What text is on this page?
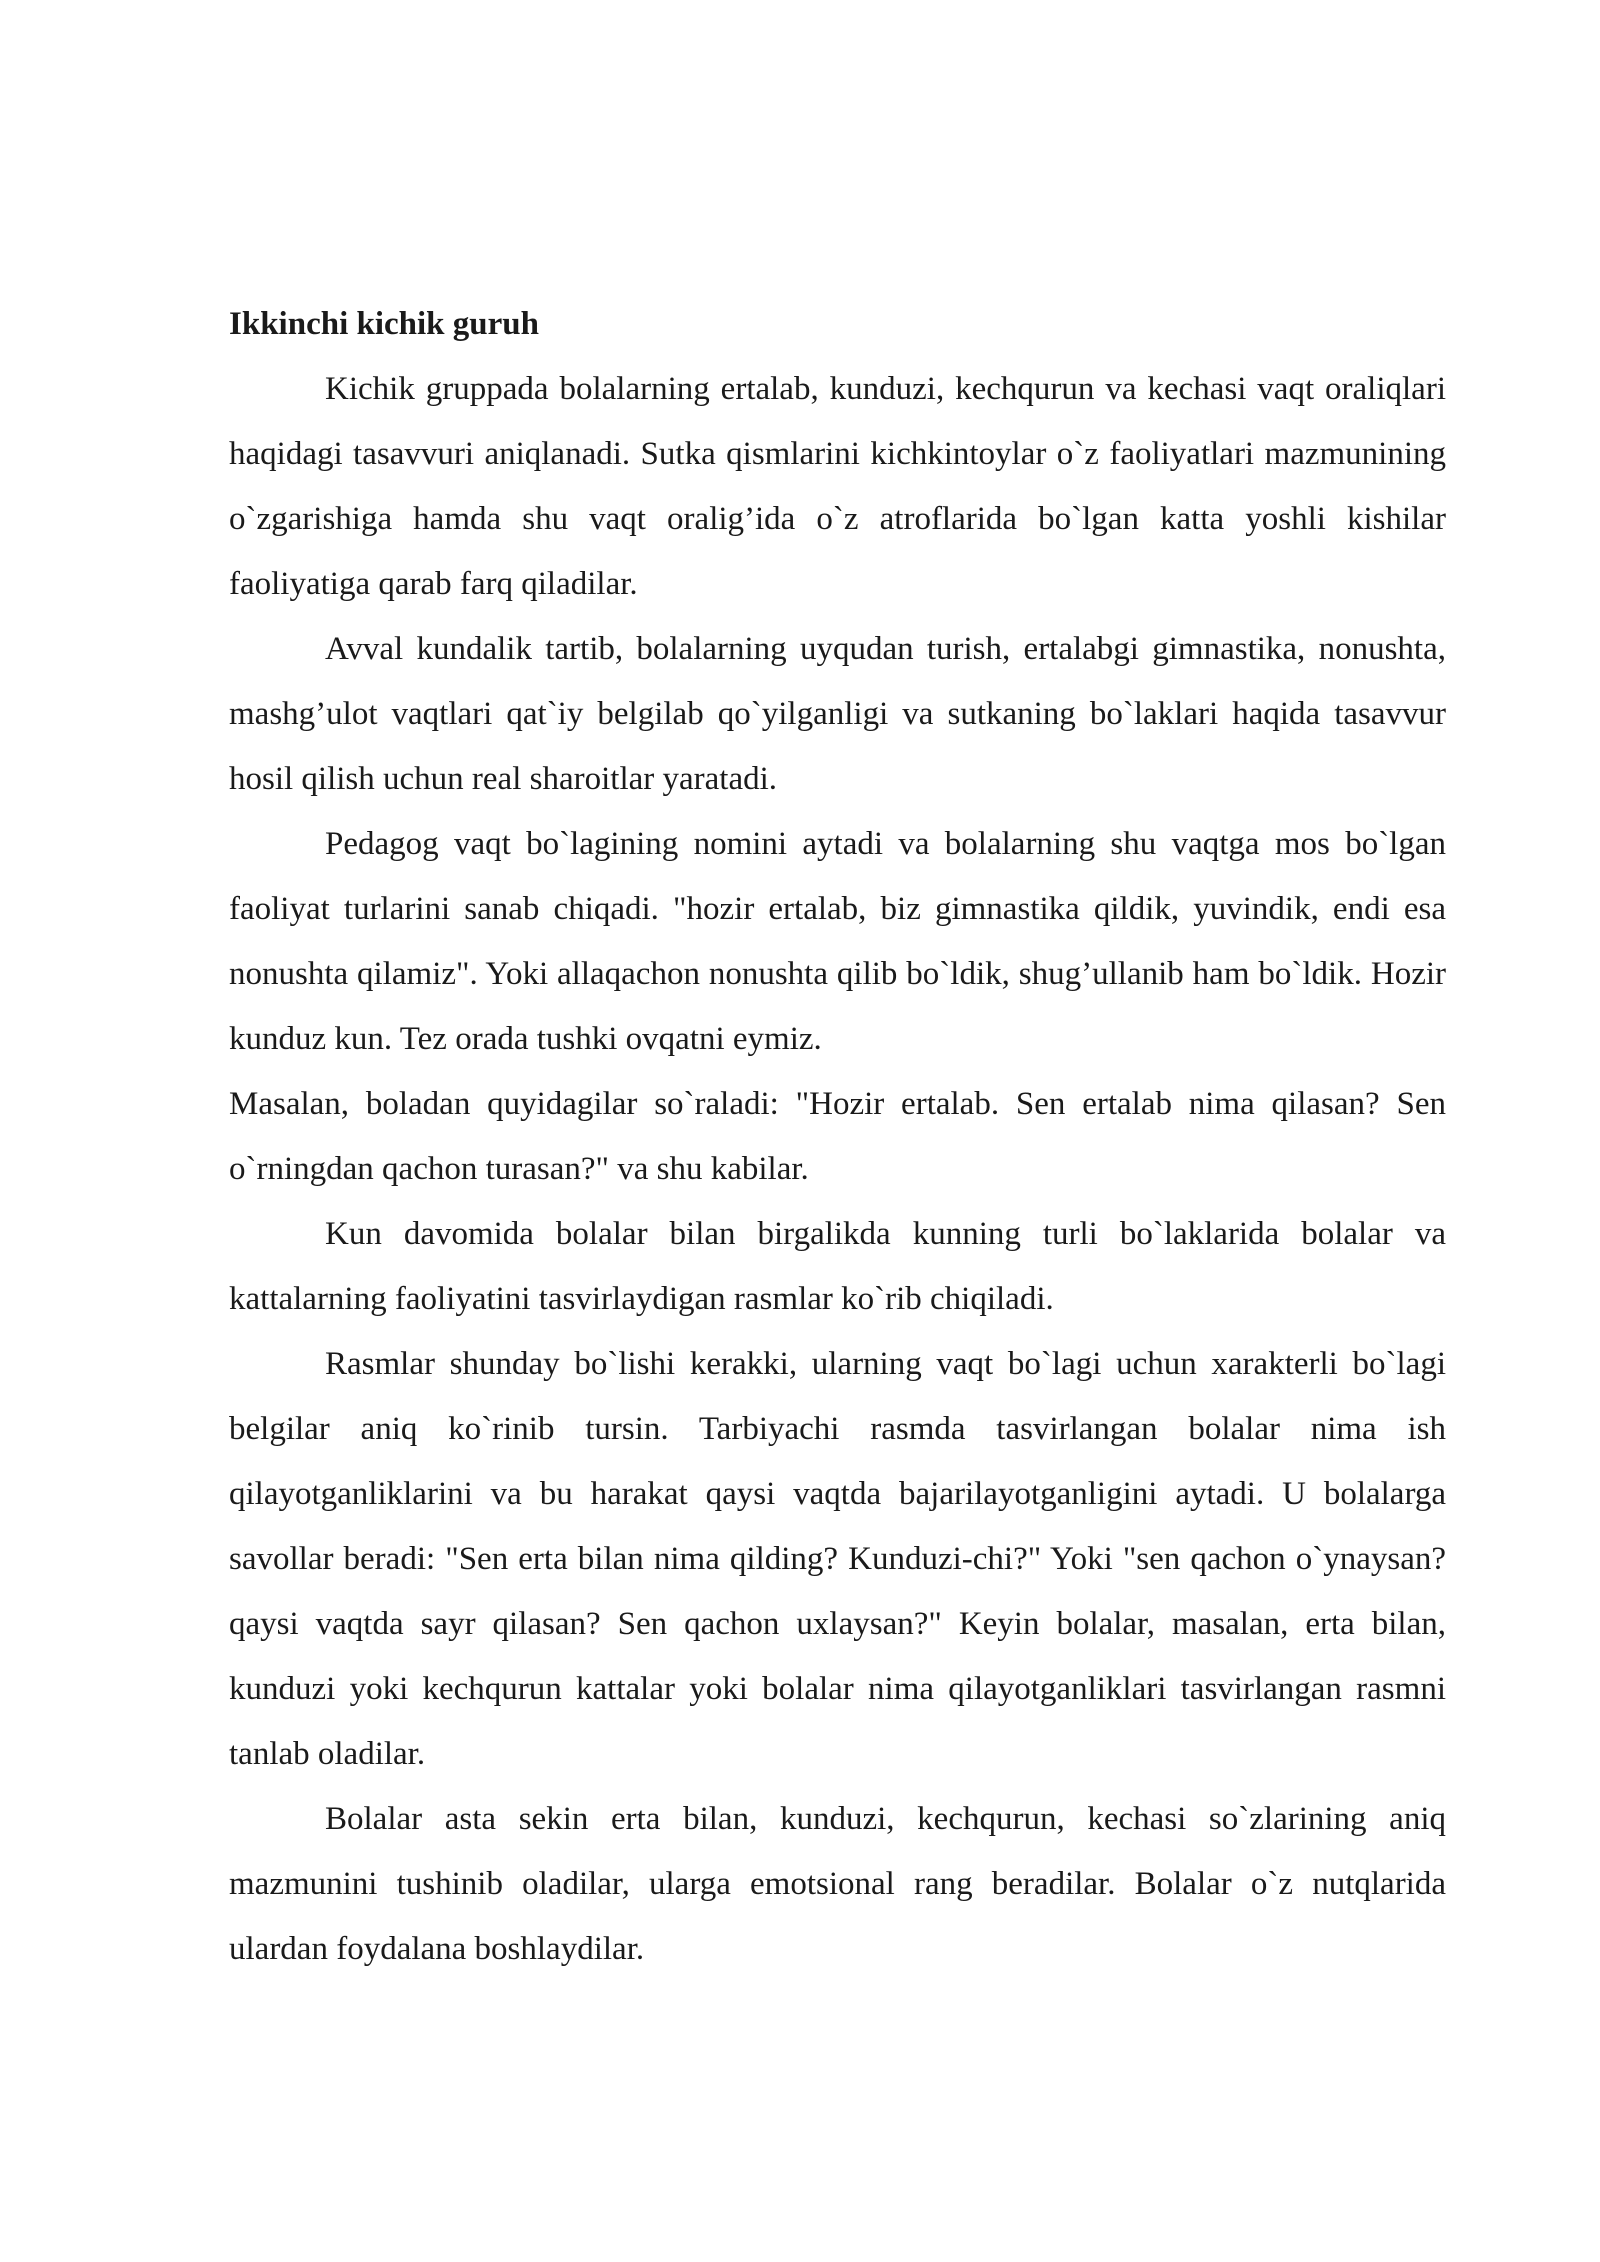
Ikkinchi kichik guruh

Kichik gruppada bolalarning ertalab, kunduzi, kechqurun va kechasi vaqt oraliqlari haqidagi tasavvuri aniqlanadi. Sutka qismlarini kichkintoylar o`z faoliyatlari mazmunining o`zgarishiga hamda shu vaqt oralig’ida o`z atroflarida bo`lgan katta yoshli kishilar faoliyatiga qarab farq qiladilar.

Avval kundalik tartib, bolalarning uyqudan turish, ertalabgi gimnastika, nonushta, mashg’ulot vaqtlari qat`iy belgilab qo`yilganligi va sutkaning bo`laklari haqida tasavvur hosil qilish uchun real sharoitlar yaratadi.

Pedagog vaqt bo`lagining nomini aytadi va bolalarning shu vaqtga mos bo`lgan faoliyat turlarini sanab chiqadi. "hozir ertalab, biz gimnastika qildik, yuvindik, endi esa nonushta qilamiz". Yoki allaqachon nonushta qilib bo`ldik, shug’ullanib ham bo`ldik. Hozir kunduz kun. Tez orada tushki ovqatni eymiz.

Masalan, boladan quyidagilar so`raladi: "Hozir ertalab. Sen ertalab nima qilasan? Sen o`rningdan qachon turasan?" va shu kabilar.

Kun davomida bolalar bilan birgalikda kunning turli bo`laklarida bolalar va kattalarning faoliyatini tasvirlaydigan rasmlar ko`rib chiqiladi.

Rasmlar shunday bo`lishi kerakki, ularning vaqt bo`lagi uchun xarakterli bo`lagi belgilar aniq ko`rinib tursin. Tarbiyachi rasmda tasvirlangan bolalar nima ish qilayotganliklarini va bu harakat qaysi vaqtda bajarilayotganligini aytadi. U bolalarga savollar beradi: "Sen erta bilan nima qilding? Kunduzi-chi?" Yoki "sen qachon o`ynaysan? qaysi vaqtda sayr qilasan? Sen qachon uxlaysan?" Keyin bolalar, masalan, erta bilan, kunduzi yoki kechqurun kattalar yoki bolalar nima qilayotganliklari tasvirlangan rasmni tanlab oladilar.

Bolalar asta sekin erta bilan, kunduzi, kechqurun, kechasi so`zlarining aniq mazmunini tushinib oladilar, ularga emotsional rang beradilar. Bolalar o`z nutqlarida ulardan foydalana boshlaydilar.
